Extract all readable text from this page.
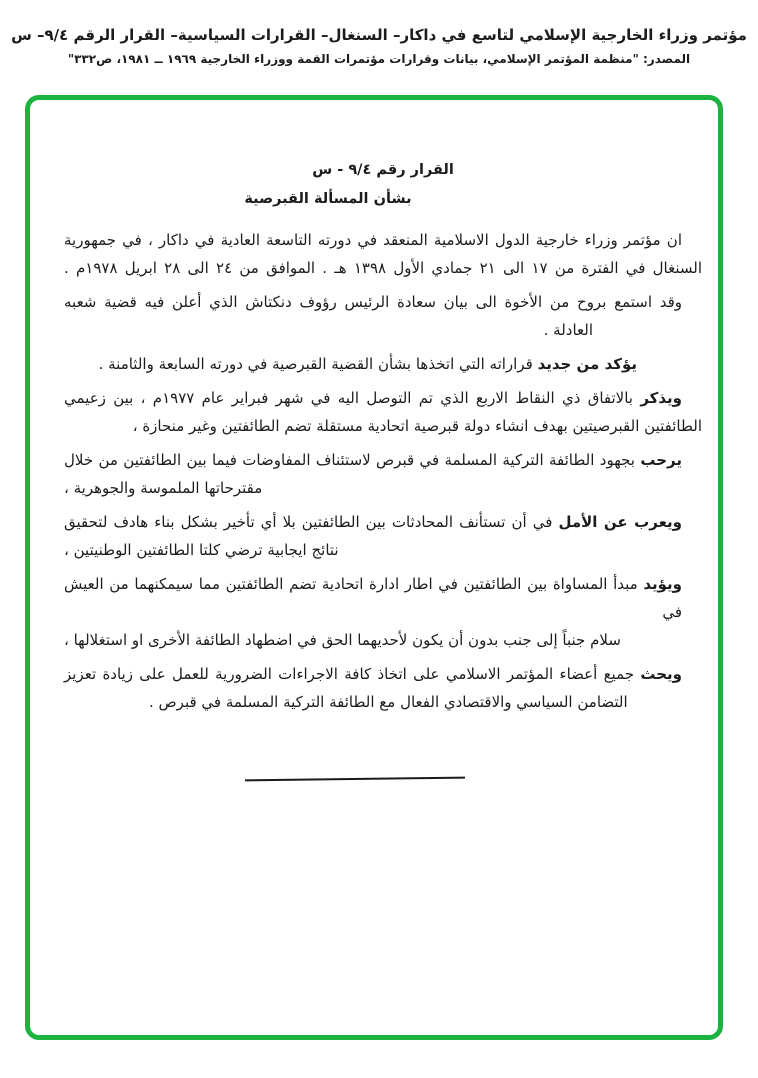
مؤتمر وزراء الخارجية الإسلامي لتاسع في داكار– السنغال– القرارات السياسية– القرار الرقم ٩/٤– س
المصدر: "منظمة المؤتمر الإسلامي، بيانات وقرارات مؤتمرات القمة ووزراء الخارجية ١٩٦٩ ــ ١٩٨١، ص٣٣٢"
القرار رقم ٩/٤ - س
بشأن المسألة القبرصية
ان مؤتمر وزراء خارجية الدول الاسلامية المنعقد في دورته التاسعة العادية في داكار ، في جمهورية
السنغال في الفترة من ١٧ الى ٢١ جمادي الأول ١٣٩٨ هـ . الموافق من ٢٤ الى ٢٨ ابريل ١٩٧٨م .
وقد استمع بروح من الأخوة الى بيان سعادة الرئيس رؤوف دنكتاش الذي أعلن فيه قضية شعبه
العادلة .
يؤكد من جديد قراراته التي اتخذها بشأن القضية القبرصية في دورته السابعة والثامنة .
ويذكر بالاتفاق ذي النقاط الاربع الذي تم التوصل اليه في شهر فبراير عام ١٩٧٧م ، بين زعيمي
الطائفتين القبرصيتين بهدف انشاء دولة قبرصية اتحادية مستقلة تضم الطائفتين وغير منحازة ،
يرحب بجهود الطائفة التركية المسلمة في قبرص لاستئناف المفاوضات فيما بين الطائفتين من خلال
مقترحاتها الملموسة والجوهرية ،
ويعرب عن الأمل في أن تستأنف المحادثات بين الطائفتين بلا أي تأخير بشكل بناء هادف لتحقيق
نتائج ايجابية ترضي كلتا الطائفتين الوطنيتين ،
ويؤيد مبدأ المساواة بين الطائفتين في اطار ادارة اتحادية تضم الطائفتين مما سيمكنهما من العيش في
سلام جنباً إلى جنب بدون أن يكون لأحديهما الحق في اضطهاد الطائفة الأخرى او استغلالها ،
ويحث جميع أعضاء المؤتمر الاسلامي على اتخاذ كافة الاجراءات الضرورية للعمل على زيادة تعزيز
التضامن السياسي والاقتصادي الفعال مع الطائفة التركية المسلمة في قبرص .
